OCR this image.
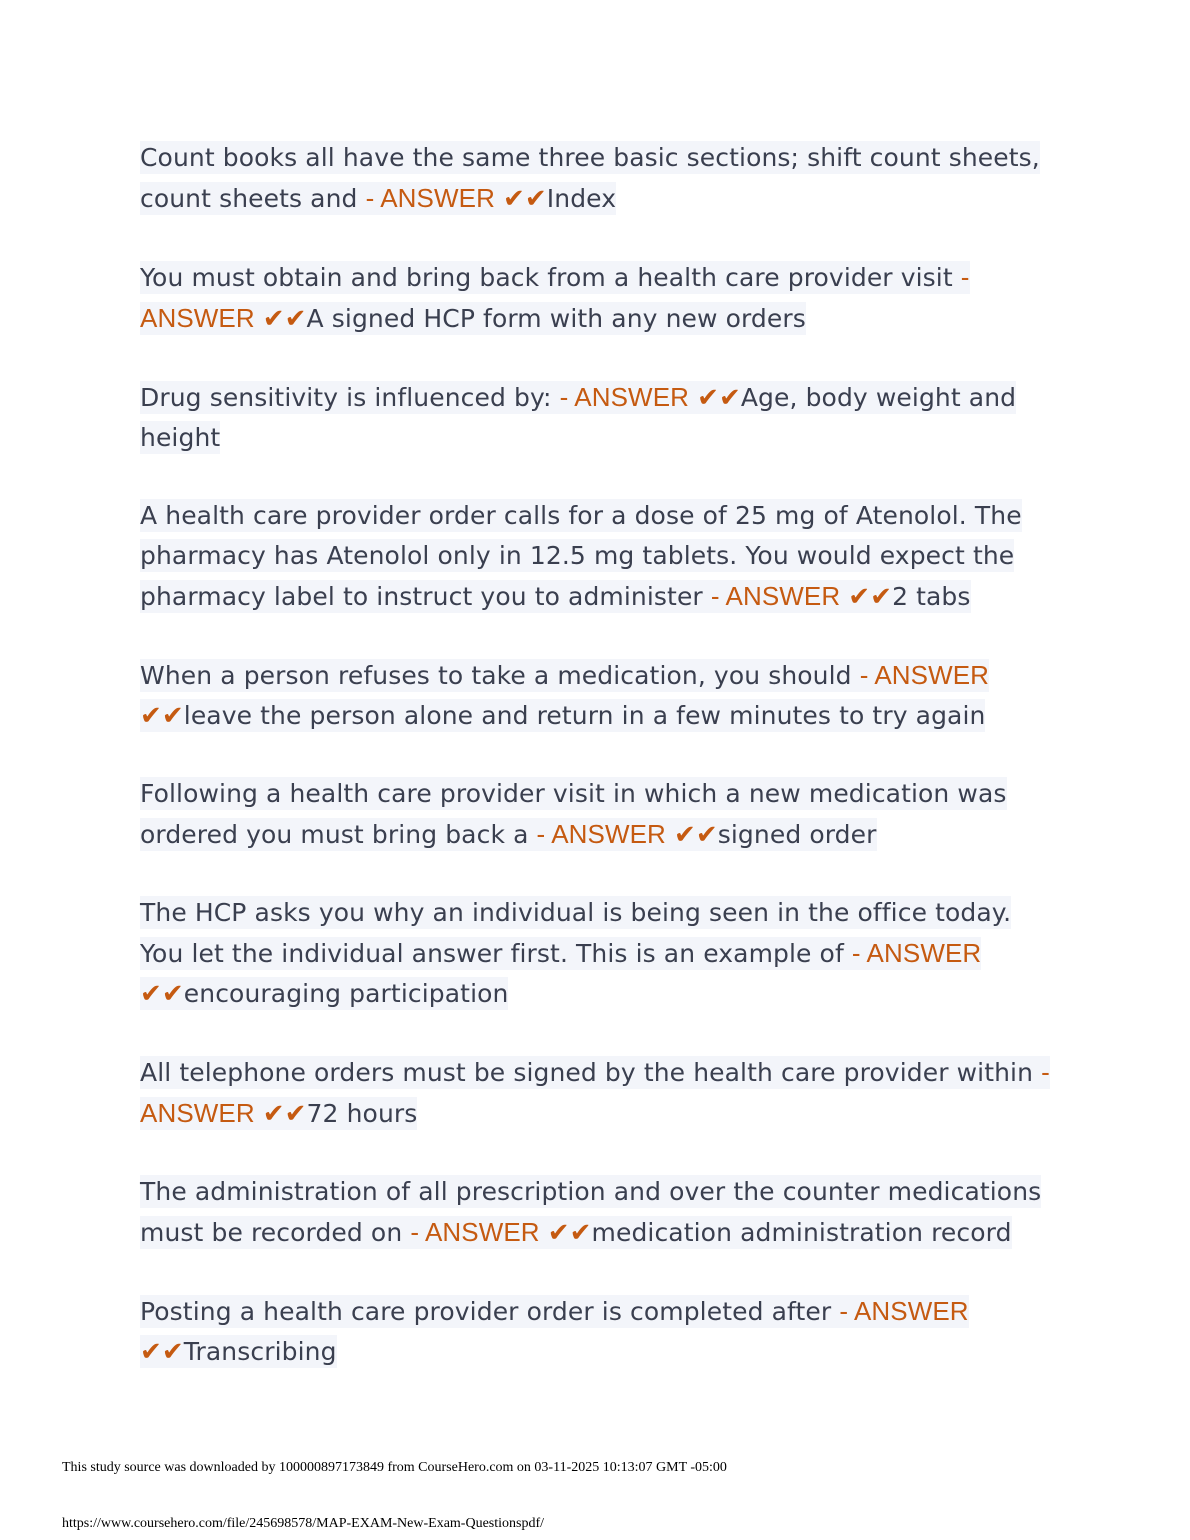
Count books all have the same three basic sections; shift count sheets, count sheets and - ANSWER ✔✔Index

You must obtain and bring back from a health care provider visit - ANSWER ✔✔A signed HCP form with any new orders

Drug sensitivity is influenced by: - ANSWER ✔✔Age, body weight and height

A health care provider order calls for a dose of 25 mg of Atenolol. The pharmacy has Atenolol only in 12.5 mg tablets. You would expect the pharmacy label to instruct you to administer - ANSWER ✔✔2 tabs

When a person refuses to take a medication, you should - ANSWER ✔✔leave the person alone and return in a few minutes to try again

Following a health care provider visit in which a new medication was ordered you must bring back a - ANSWER ✔✔signed order

The HCP asks you why an individual is being seen in the office today. You let the individual answer first. This is an example of - ANSWER ✔✔encouraging participation

All telephone orders must be signed by the health care provider within - ANSWER ✔✔72 hours

The administration of all prescription and over the counter medications must be recorded on - ANSWER ✔✔medication administration record

Posting a health care provider order is completed after - ANSWER ✔✔Transcribing

This study source was downloaded by 100000897173849 from CourseHero.com on 03-11-2025 10:13:07 GMT -05:00
https://www.coursehero.com/file/245698578/MAP-EXAM-New-Exam-Questionspdf/
